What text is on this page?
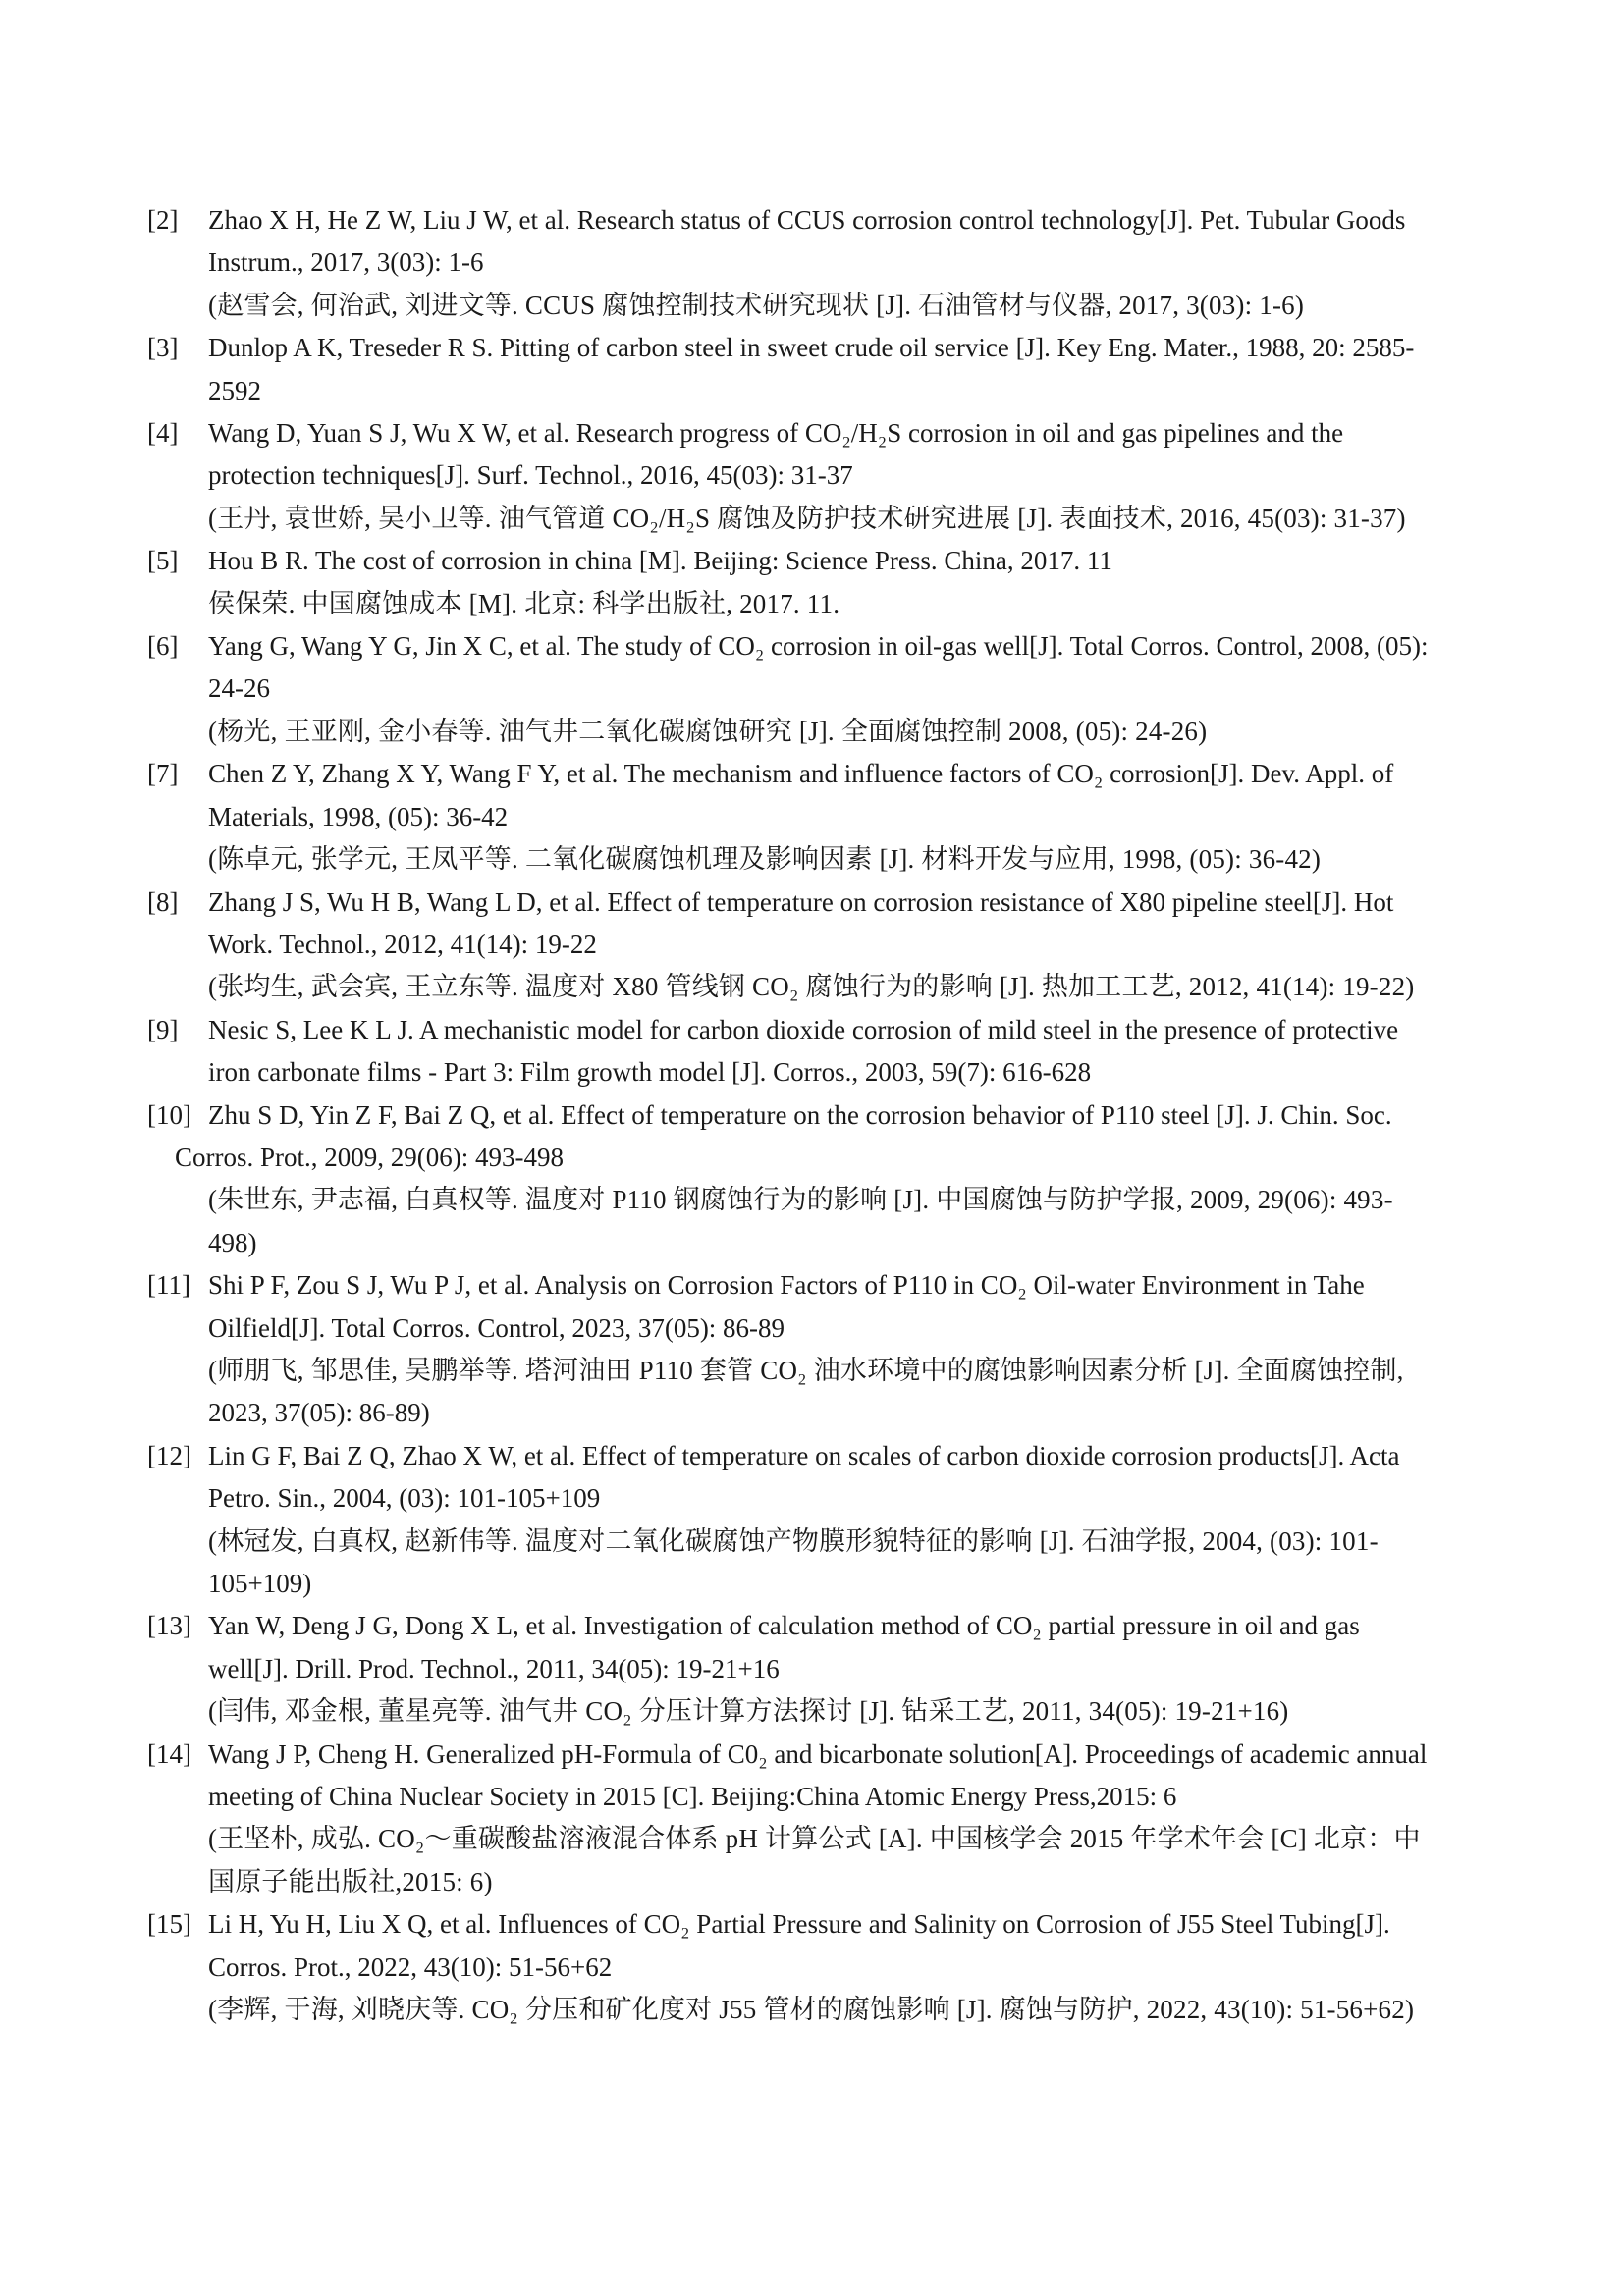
[2]	Zhao X H, He Z W, Liu J W, et al. Research status of CCUS corrosion control technology[J]. Pet. Tubular Goods
Instrum., 2017, 3(03): 1-6
(赵雪会, 何治武, 刘进文等. CCUS 腐蚀控制技术研究现状 [J]. 石油管材与仪器, 2017, 3(03): 1-6)
[3]	Dunlop A K, Treseder R S. Pitting of carbon steel in sweet crude oil service [J]. Key Eng. Mater., 1988, 20: 2585-
2592
[4]	Wang D, Yuan S J, Wu X W, et al. Research progress of CO₂/H₂S corrosion in oil and gas pipelines and the
protection techniques[J]. Surf. Technol., 2016, 45(03): 31-37
(王丹, 袁世娇, 吴小卫等. 油气管道 CO₂/H₂S 腐蚀及防护技术研究进展 [J]. 表面技术, 2016, 45(03): 31-37)
[5]	Hou B R. The cost of corrosion in china [M]. Beijing: Science Press. China, 2017. 11
侯保荣. 中国腐蚀成本 [M]. 北京: 科学出版社, 2017. 11.
[6]	Yang G, Wang Y G, Jin X C, et al. The study of CO₂ corrosion in oil-gas well[J]. Total Corros. Control, 2008, (05):
24-26
(杨光, 王亚刚, 金小春等. 油气井二氧化碳腐蚀研究 [J]. 全面腐蚀控制 2008, (05): 24-26)
[7]	Chen Z Y, Zhang X Y, Wang F Y, et al. The mechanism and influence factors of CO₂ corrosion[J]. Dev. Appl. of
Materials, 1998, (05): 36-42
(陈卓元, 张学元, 王凤平等. 二氧化碳腐蚀机理及影响因素 [J]. 材料开发与应用, 1998, (05): 36-42)
[8]	Zhang J S, Wu H B, Wang L D, et al. Effect of temperature on corrosion resistance of X80 pipeline steel[J]. Hot
Work. Technol., 2012, 41(14): 19-22
(张均生, 武会宾, 王立东等. 温度对 X80 管线钢 CO₂ 腐蚀行为的影响 [J]. 热加工工艺, 2012, 41(14): 19-22)
[9]	Nesic S, Lee K L J. A mechanistic model for carbon dioxide corrosion of mild steel in the presence of protective
iron carbonate films - Part 3: Film growth model [J]. Corros., 2003, 59(7): 616-628
[10] Zhu S D, Yin Z F, Bai Z Q, et al. Effect of temperature on the corrosion behavior of P110 steel [J]. J. Chin. Soc.
Corros. Prot., 2009, 29(06): 493-498
(朱世东, 尹志福, 白真权等. 温度对 P110 钢腐蚀行为的影响 [J]. 中国腐蚀与防护学报, 2009, 29(06): 493-
498)
[11] Shi P F, Zou S J, Wu P J, et al. Analysis on Corrosion Factors of P110 in CO₂ Oil-water Environment in Tahe
Oilfield[J]. Total Corros. Control, 2023, 37(05): 86-89
(师朋飞, 邹思佳, 吴鹏举等. 塔河油田 P110 套管 CO₂ 油水环境中的腐蚀影响因素分析 [J]. 全面腐蚀控制,
2023, 37(05): 86-89)
[12] Lin G F, Bai Z Q, Zhao X W, et al. Effect of temperature on scales of carbon dioxide corrosion products[J]. Acta
Petro. Sin., 2004, (03): 101-105+109
(林冠发, 白真权, 赵新伟等. 温度对二氧化碳腐蚀产物膜形貌特征的影响 [J]. 石油学报, 2004, (03): 101-
105+109)
[13] Yan W, Deng J G, Dong X L, et al. Investigation of calculation method of CO₂ partial pressure in oil and gas
well[J]. Drill. Prod. Technol., 2011, 34(05): 19-21+16
(闫伟, 邓金根, 董星亮等. 油气井 CO₂ 分压计算方法探讨 [J]. 钻采工艺, 2011, 34(05): 19-21+16)
[14] Wang J P, Cheng H. Generalized pH-Formula of C0₂ and bicarbonate solution[A]. Proceedings of academic annual
meeting of China Nuclear Society in 2015 [C]. Beijing:China Atomic Energy Press,2015: 6
(王坚朴, 成弘. CO₂～重碳酸盐溶液混合体系 pH 计算公式 [A]. 中国核学会 2015 年学术年会 [C] 北京：中
国原子能出版社,2015: 6)
[15] Li H, Yu H, Liu X Q, et al. Influences of CO₂ Partial Pressure and Salinity on Corrosion of J55 Steel Tubing[J].
Corros. Prot., 2022, 43(10): 51-56+62
(李辉, 于海, 刘晓庆等. CO₂ 分压和矿化度对 J55 管材的腐蚀影响 [J]. 腐蚀与防护, 2022, 43(10): 51-56+62)
